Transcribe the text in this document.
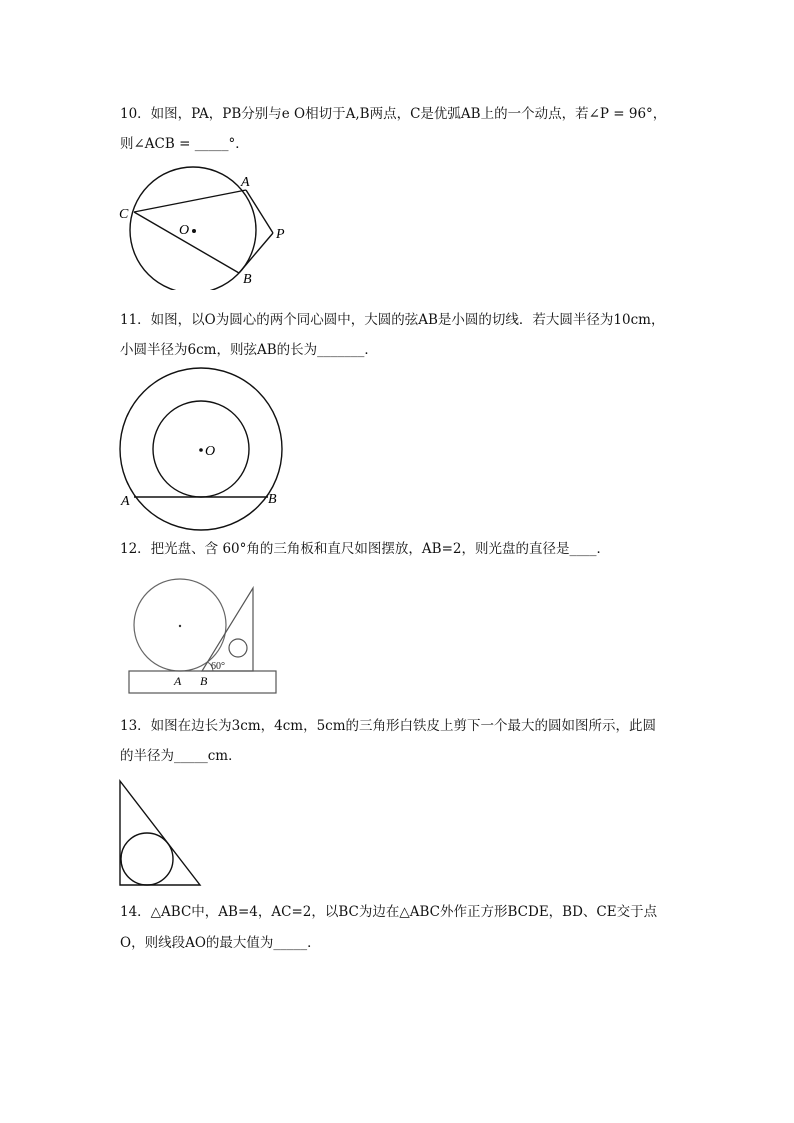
10．如图，PA，PB分别与e O相切于A,B两点，C是优弧AB上的一个动点，若∠P = 96°，
则∠ACB = _____°．
A
B
C
O	P
11．如图，以O为圆心的两个同心圆中，大圆的弦AB是小圆的切线．若大圆半径为10cm，
小圆半径为6cm，则弦AB的长为_______．
O
A	B
12．把光盘、含 60°角的三角板和直尺如图摆放，AB=2，则光盘的直径是____．
60°
A B
13．如图在边长为3cm，4cm，5cm的三角形白铁皮上剪下一个最大的圆如图所示，此圆
的半径为_____cm．
14．△ABC中，AB=4，AC=2，以BC为边在△ABC外作正方形BCDE，BD、CE交于点
O，则线段AO的最大值为_____．
